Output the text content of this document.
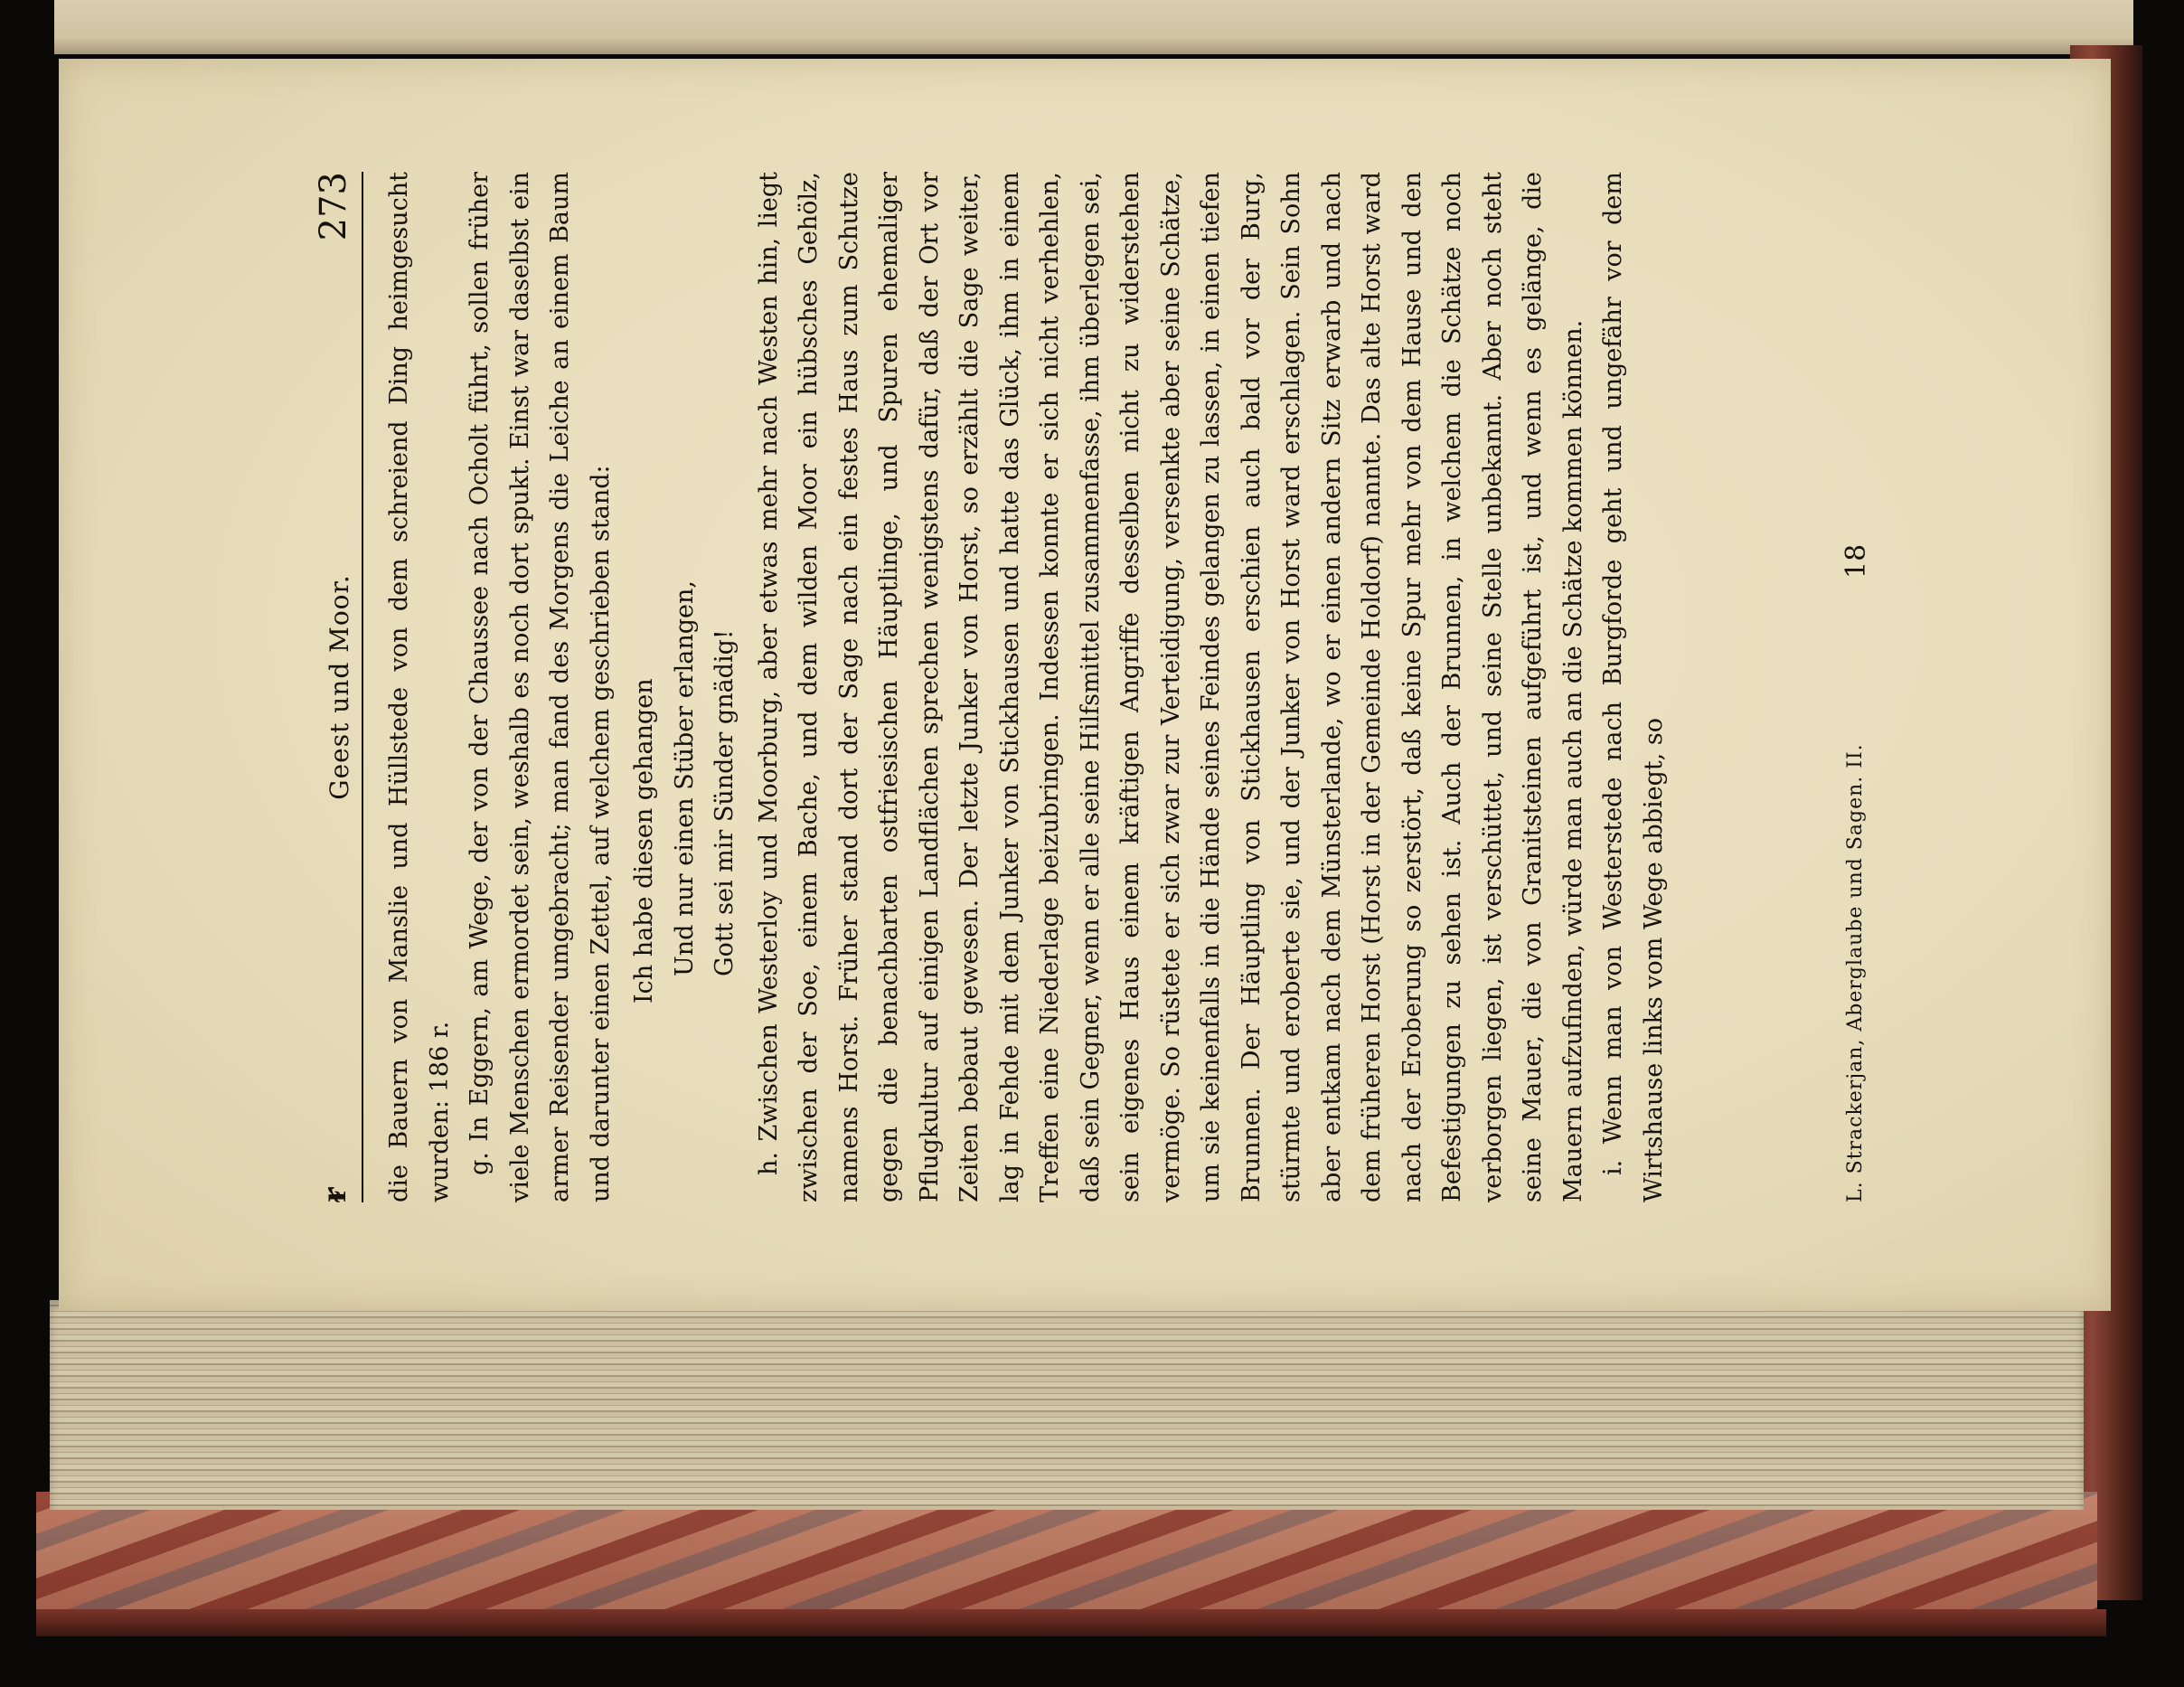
ᵲ
Geest und Moor.
273 die Bauern von Manslie und Hüllstede von dem schreiend Ding heimgesucht wurden: 186 r. g. In Eggern, am Wege, der von der Chaussee nach Ocholt führt, sollen früher viele Menschen ermordet sein, weshalb es noch dort spukt. Einst war daselbst ein armer Reisender umgebracht; man fand des Morgens die Leiche an einem Baum und darunter einen Zettel, auf welchem geschrieben stand: Ich habe diesen gehangen Und nur einen Stüber erlangen, Gott sei mir Sünder gnädig! h. Zwischen Westerloy und Moorburg, aber etwas mehr nach Westen hin, liegt zwischen der Soe, einem Bache, und dem wilden Moor ein hübsches Gehölz, namens Horst. Früher stand dort der Sage nach ein festes Haus zum Schutze gegen die benachbarten ostfriesischen Häuptlinge, und Spuren ehemaliger Pflugkultur auf einigen Landflächen sprechen wenigstens dafür, daß der Ort vor Zeiten bebaut gewesen. Der letzte Junker von Horst, so erzählt die Sage weiter, lag in Fehde mit dem Junker von Stickhausen und hatte das Glück, ihm in einem Treffen eine Niederlage beizubringen. Indessen konnte er sich nicht verhehlen, daß sein Gegner, wenn er alle seine Hilfsmittel zusammenfasse, ihm überlegen sei, sein eigenes Haus einem kräftigen Angriffe desselben nicht zu widerstehen vermöge. So rüstete er sich zwar zur Verteidigung, versenkte aber seine Schätze, um sie keinenfalls in die Hände seines Feindes gelangen zu lassen, in einen tiefen Brunnen. Der Häuptling von Stickhausen erschien auch bald vor der Burg, stürmte und eroberte sie, und der Junker von Horst ward erschlagen. Sein Sohn aber entkam nach dem Münsterlande, wo er einen andern Sitz erwarb und nach dem früheren Horst (Horst in der Gemeinde Holdorf) nannte. Das alte Horst ward nach der Eroberung so zerstört, daß keine Spur mehr von dem Hause und den Befestigungen zu sehen ist. Auch der Brunnen, in welchem die Schätze noch verborgen liegen, ist verschüttet, und seine Stelle unbekannt. Aber noch steht seine Mauer, die von Granitsteinen aufgeführt ist, und wenn es gelänge, die Mauern aufzufinden, würde man auch an die Schätze kommen können. i. Wenn man von Westerstede nach Burgforde geht und ungefähr vor dem Wirtshause links vom Wege abbiegt, so	L. Strackerjan, Aberglaube und Sagen. II.
18
